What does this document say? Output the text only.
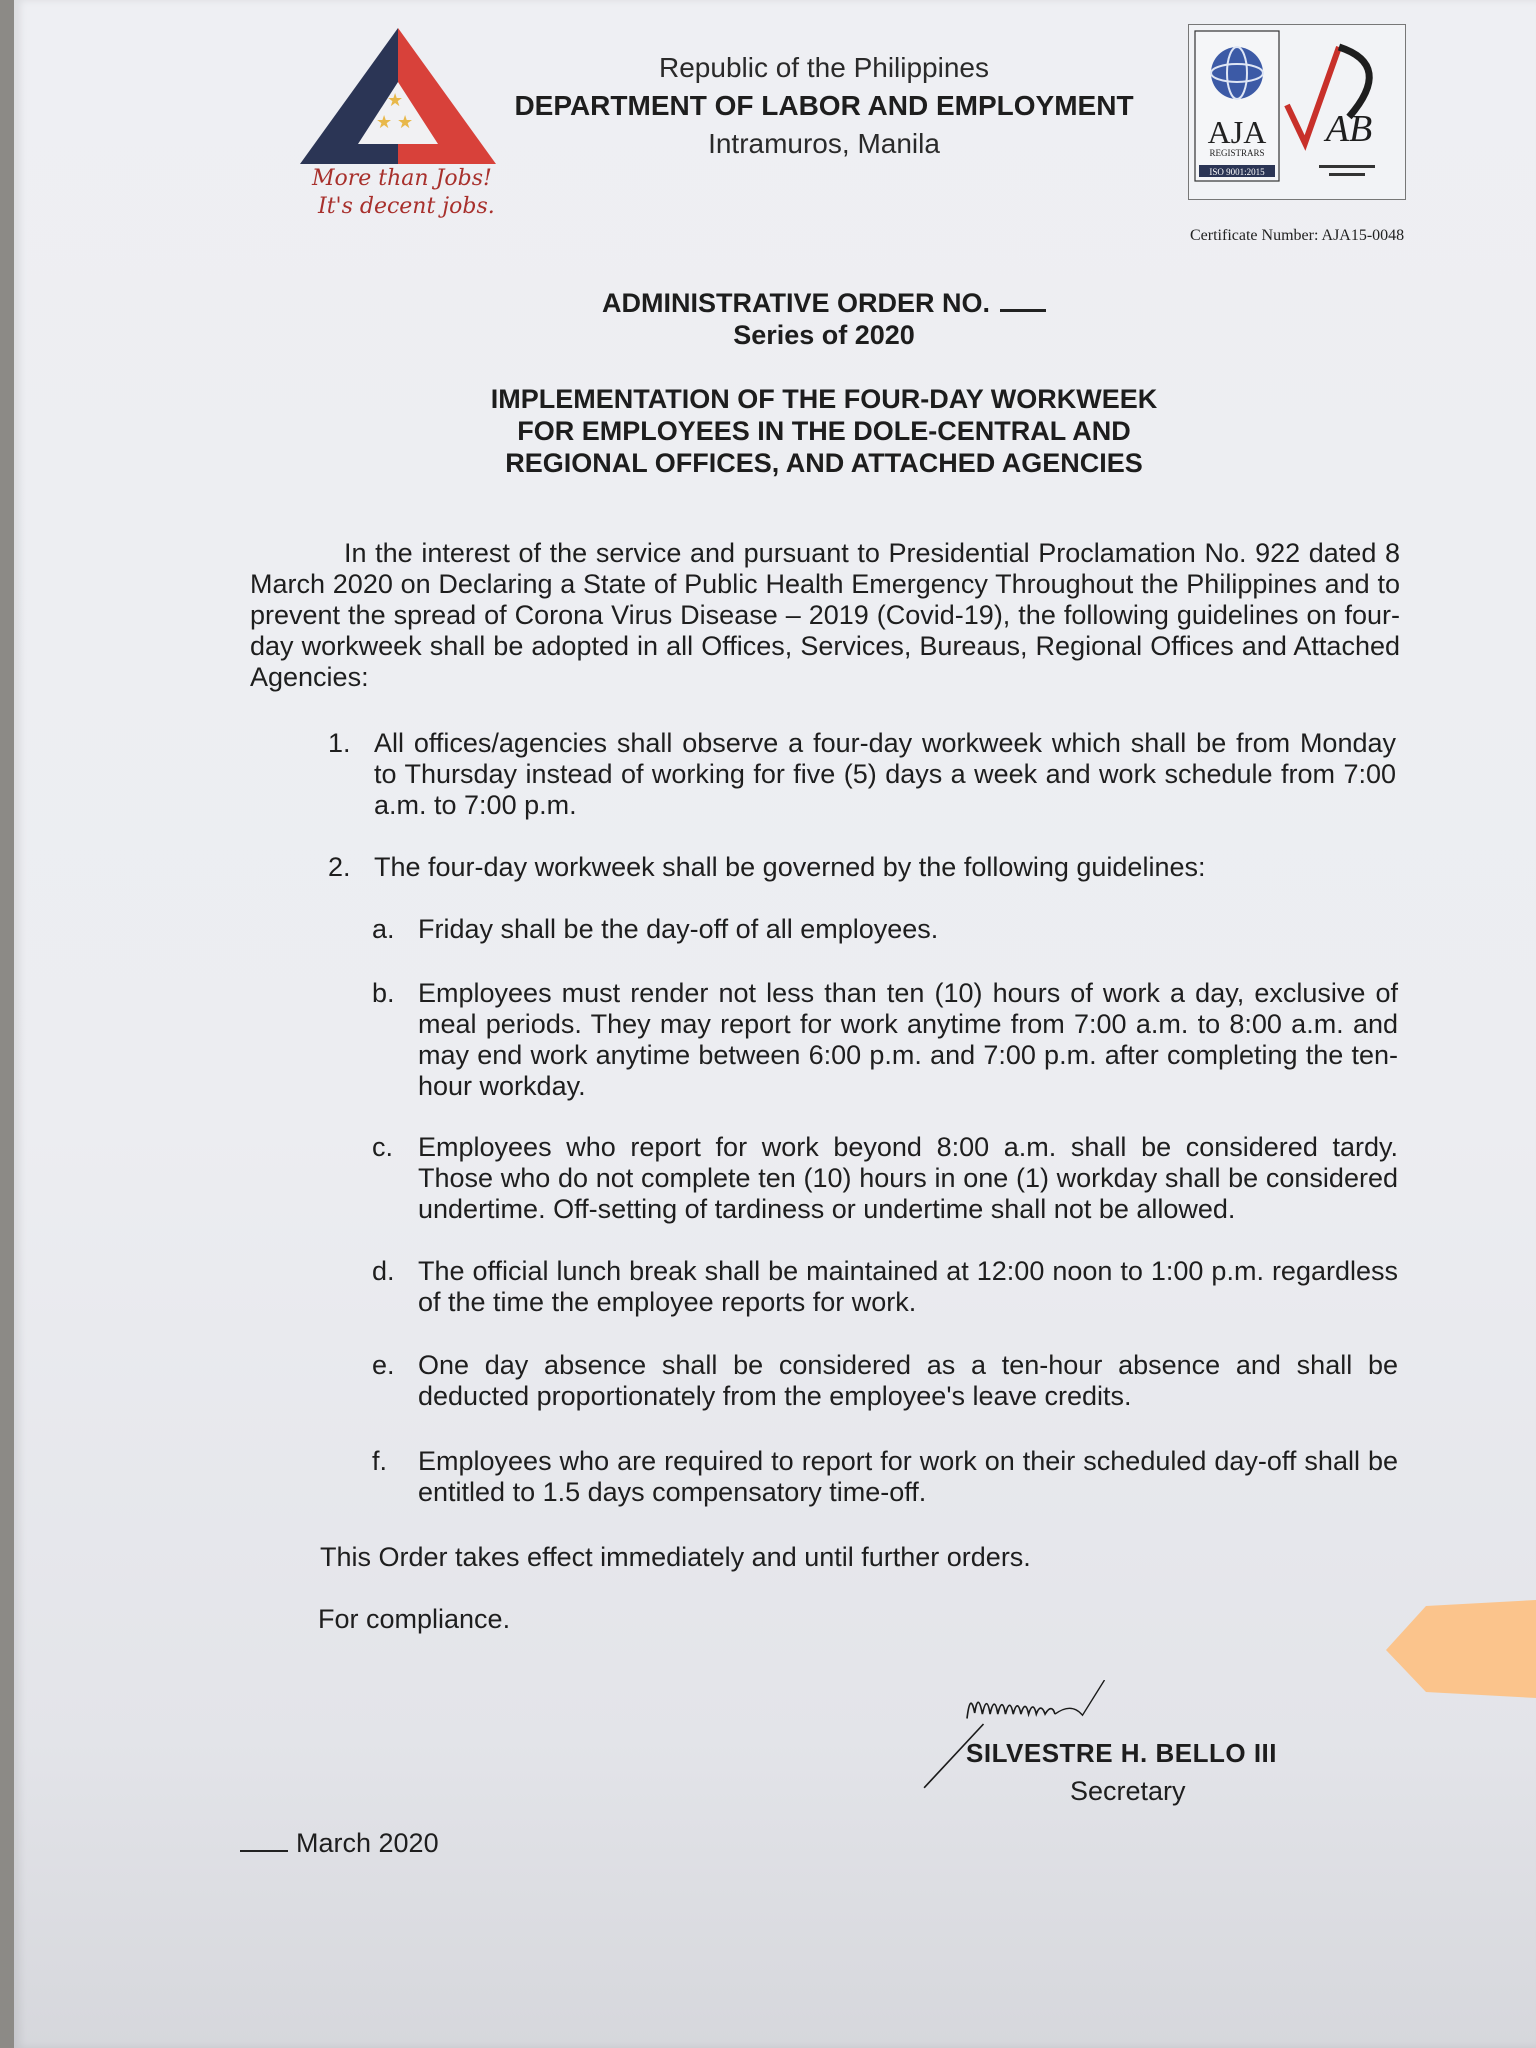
★
★ ★
More than Jobs!
It's decent jobs.
Republic of the Philippines
DEPARTMENT OF LABOR AND EMPLOYMENT
Intramuros, Manila	AJA
REGISTRARS
ISO 9001:2015
AB
Certificate Number: AJA15-0048
ADMINISTRATIVE ORDER NO.
Series of 2020
IMPLEMENTATION OF THE FOUR-DAY WORKWEEK
FOR EMPLOYEES IN THE DOLE-CENTRAL AND
REGIONAL OFFICES, AND ATTACHED AGENCIES
In the interest of the service and pursuant to Presidential Proclamation No. 922 dated 8 March 2020 on Declaring a State of Public Health Emergency Throughout the Philippines and to prevent the spread of Corona Virus Disease – 2019 (Covid-19), the following guidelines on four-day workweek shall be adopted in all Offices, Services, Bureaus, Regional Offices and Attached Agencies:
1. All offices/agencies shall observe a four-day workweek which shall be from Monday to Thursday instead of working for five (5) days a week and work schedule from 7:00 a.m. to 7:00 p.m.
2. The four-day workweek shall be governed by the following guidelines:
a. Friday shall be the day-off of all employees.
b. Employees must render not less than ten (10) hours of work a day, exclusive of meal periods. They may report for work anytime from 7:00 a.m. to 8:00 a.m. and may end work anytime between 6:00 p.m. and 7:00 p.m. after completing the ten-hour workday.
c. Employees who report for work beyond 8:00 a.m. shall be considered tardy. Those who do not complete ten (10) hours in one (1) workday shall be considered undertime. Off-setting of tardiness or undertime shall not be allowed.
d. The official lunch break shall be maintained at 12:00 noon to 1:00 p.m. regardless of the time the employee reports for work.
e. One day absence shall be considered as a ten-hour absence and shall be deducted proportionately from the employee's leave credits.
f. Employees who are required to report for work on their scheduled day-off shall be entitled to 1.5 days compensatory time-off.
This Order takes effect immediately and until further orders.
For compliance.
SILVESTRE H. BELLO III
Secretary
March 2020
